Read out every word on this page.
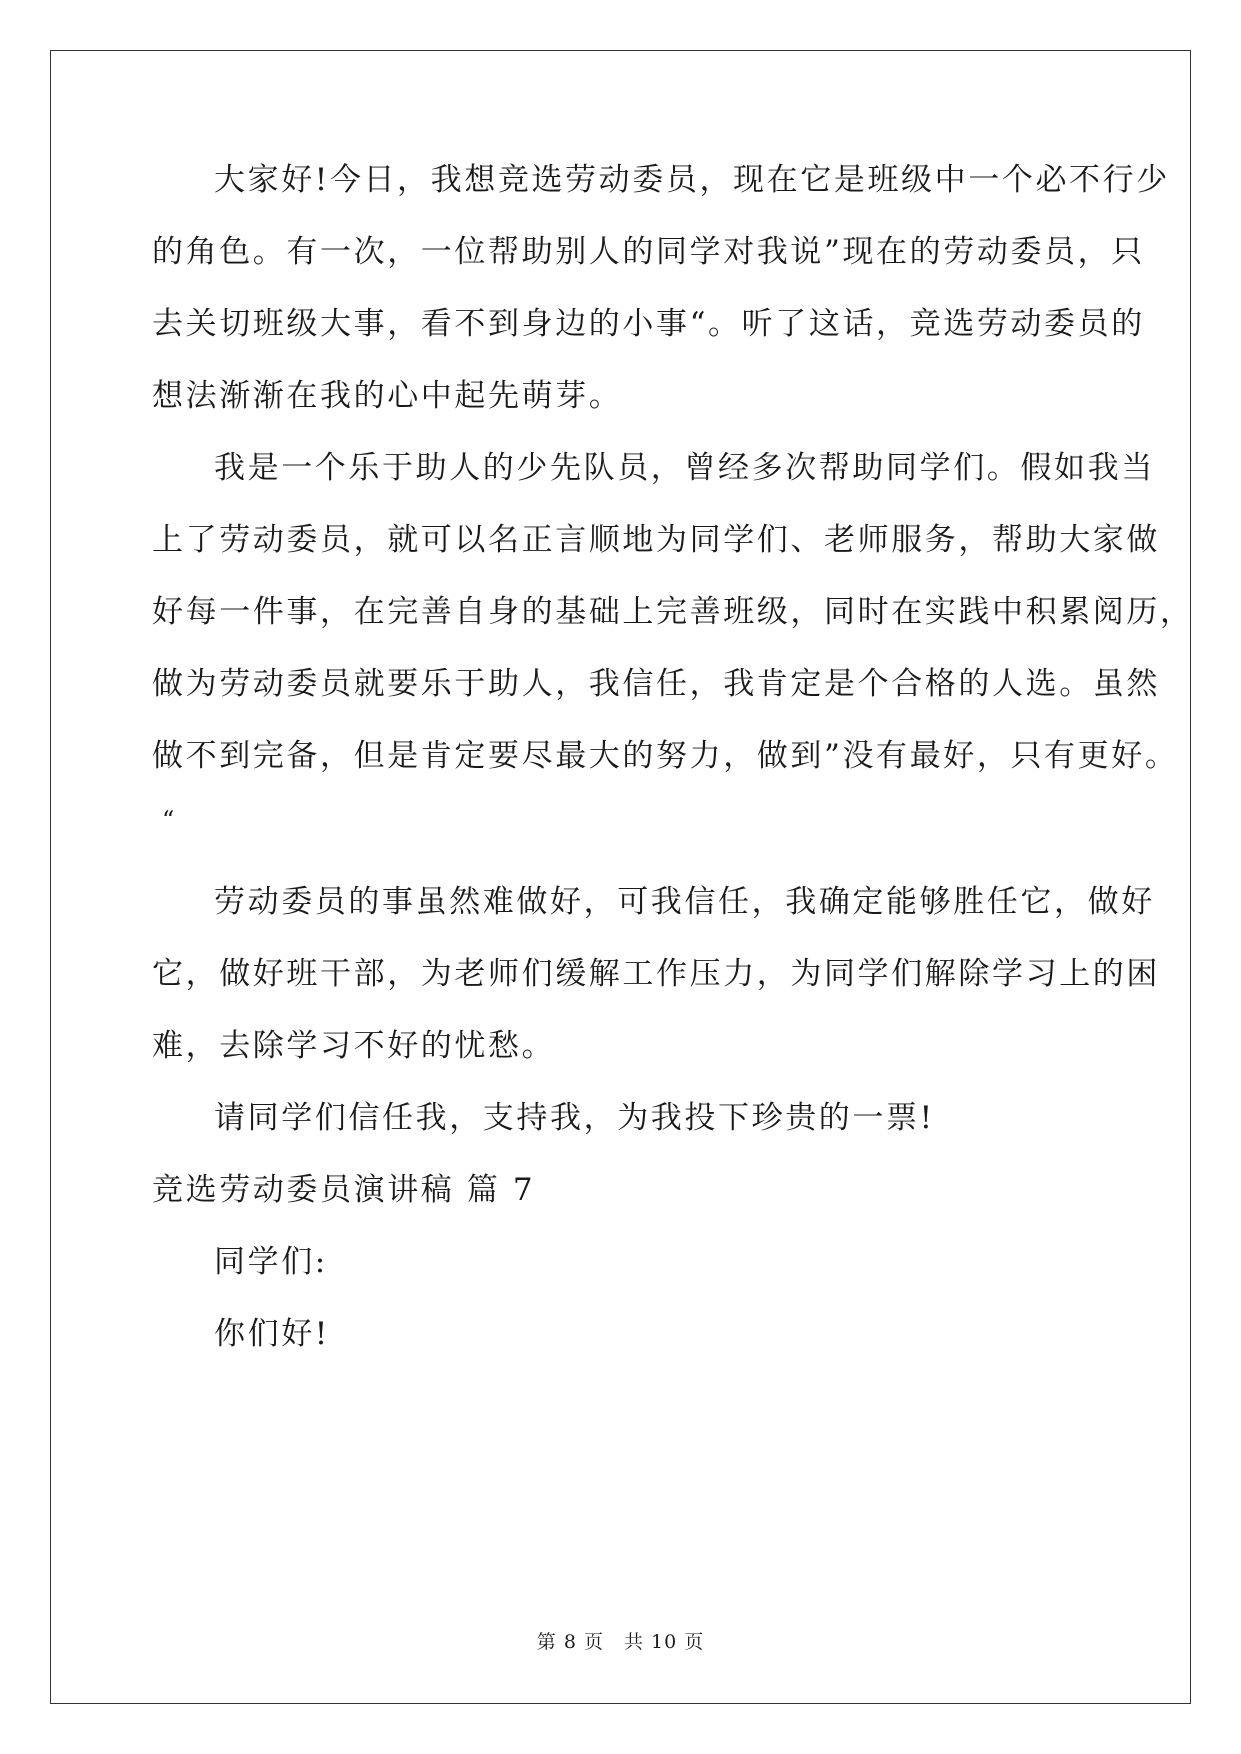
大家好!今日，我想竞选劳动委员，现在它是班级中一个必不行少
的角色。有一次，一位帮助别人的同学对我说”现在的劳动委员，只
去关切班级大事，看不到身边的小事“。听了这话，竞选劳动委员的
想法渐渐在我的心中起先萌芽。
我是一个乐于助人的少先队员，曾经多次帮助同学们。假如我当
上了劳动委员，就可以名正言顺地为同学们、老师服务，帮助大家做
好每一件事，在完善自身的基础上完善班级，同时在实践中积累阅历，
做为劳动委员就要乐于助人，我信任，我肯定是个合格的人选。虽然
做不到完备，但是肯定要尽最大的努力，做到”没有最好，只有更好。
“
劳动委员的事虽然难做好，可我信任，我确定能够胜任它，做好
它，做好班干部，为老师们缓解工作压力，为同学们解除学习上的困
难，去除学习不好的忧愁。
请同学们信任我，支持我，为我投下珍贵的一票!
竞选劳动委员演讲稿 篇 7
同学们:
你们好!
第 8 页　共 10 页
